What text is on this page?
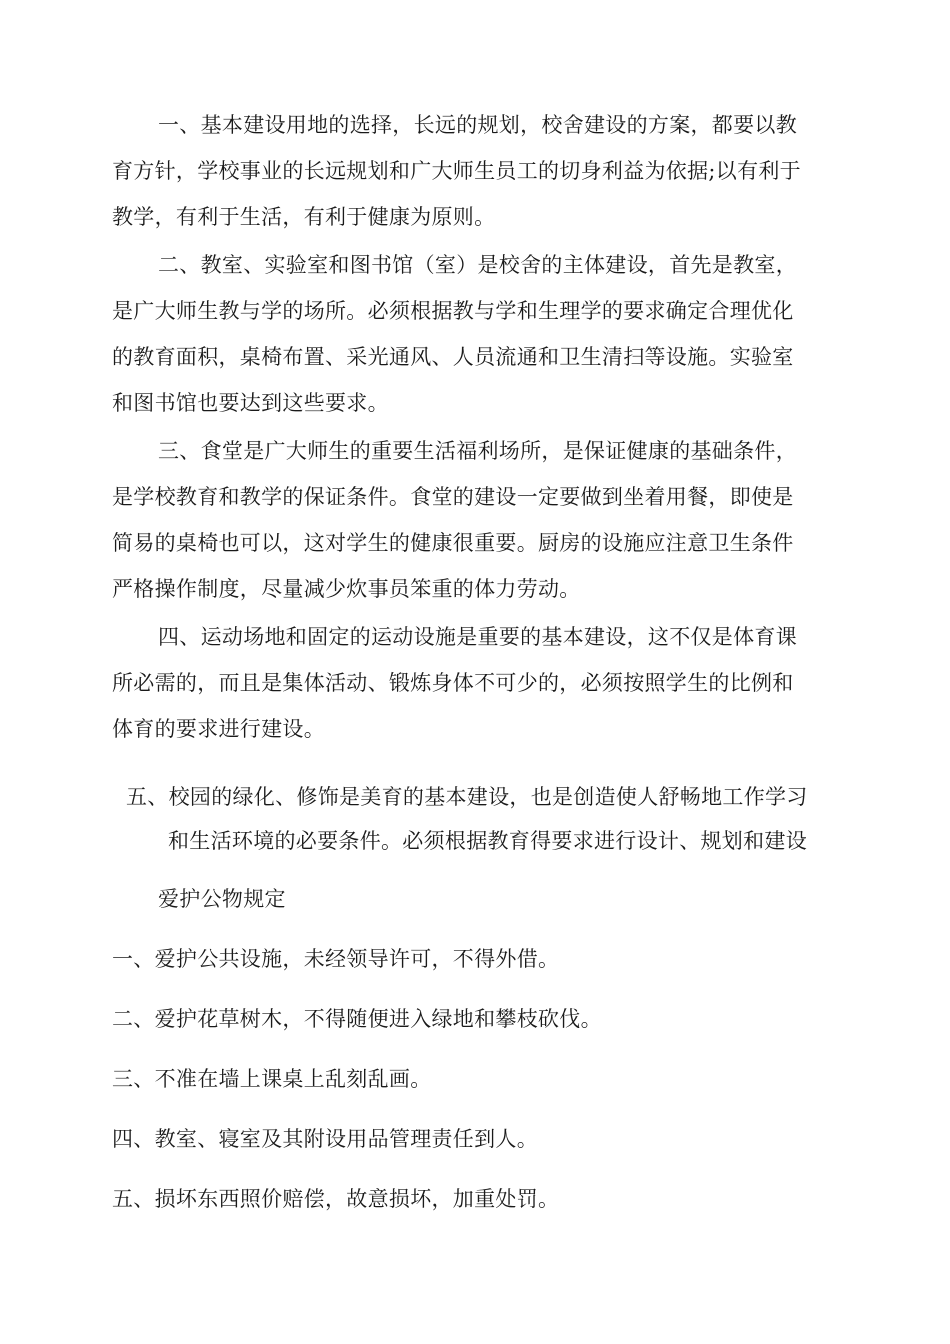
一、基本建设用地的选择，长远的规划，校舍建设的方案，都要以教
育方针，学校事业的长远规划和广大师生员工的切身利益为依据;以有利于
教学，有利于生活，有利于健康为原则。

二、教室、实验室和图书馆（室）是校舍的主体建设，首先是教室，
是广大师生教与学的场所。必须根据教与学和生理学的要求确定合理优化
的教育面积，桌椅布置、采光通风、人员流通和卫生清扫等设施。实验室
和图书馆也要达到这些要求。

三、食堂是广大师生的重要生活福利场所，是保证健康的基础条件，
是学校教育和教学的保证条件。食堂的建设一定要做到坐着用餐，即使是
简易的桌椅也可以，这对学生的健康很重要。厨房的设施应注意卫生条件
严格操作制度，尽量减少炊事员笨重的体力劳动。

四、运动场地和固定的运动设施是重要的基本建设，这不仅是体育课
所必需的，而且是集体活动、锻炼身体不可少的，必须按照学生的比例和
体育的要求进行建设。

五、校园的绿化、修饰是美育的基本建设，也是创造使人舒畅地工作学习
和生活环境的必要条件。必须根据教育得要求进行设计、规划和建设
爱护公物规定
一、爱护公共设施，未经领导许可，不得外借。
二、爱护花草树木，不得随便进入绿地和攀枝砍伐。
三、不准在墙上课桌上乱刻乱画。
四、教室、寝室及其附设用品管理责任到人。
五、损坏东西照价赔偿，故意损坏，加重处罚。
